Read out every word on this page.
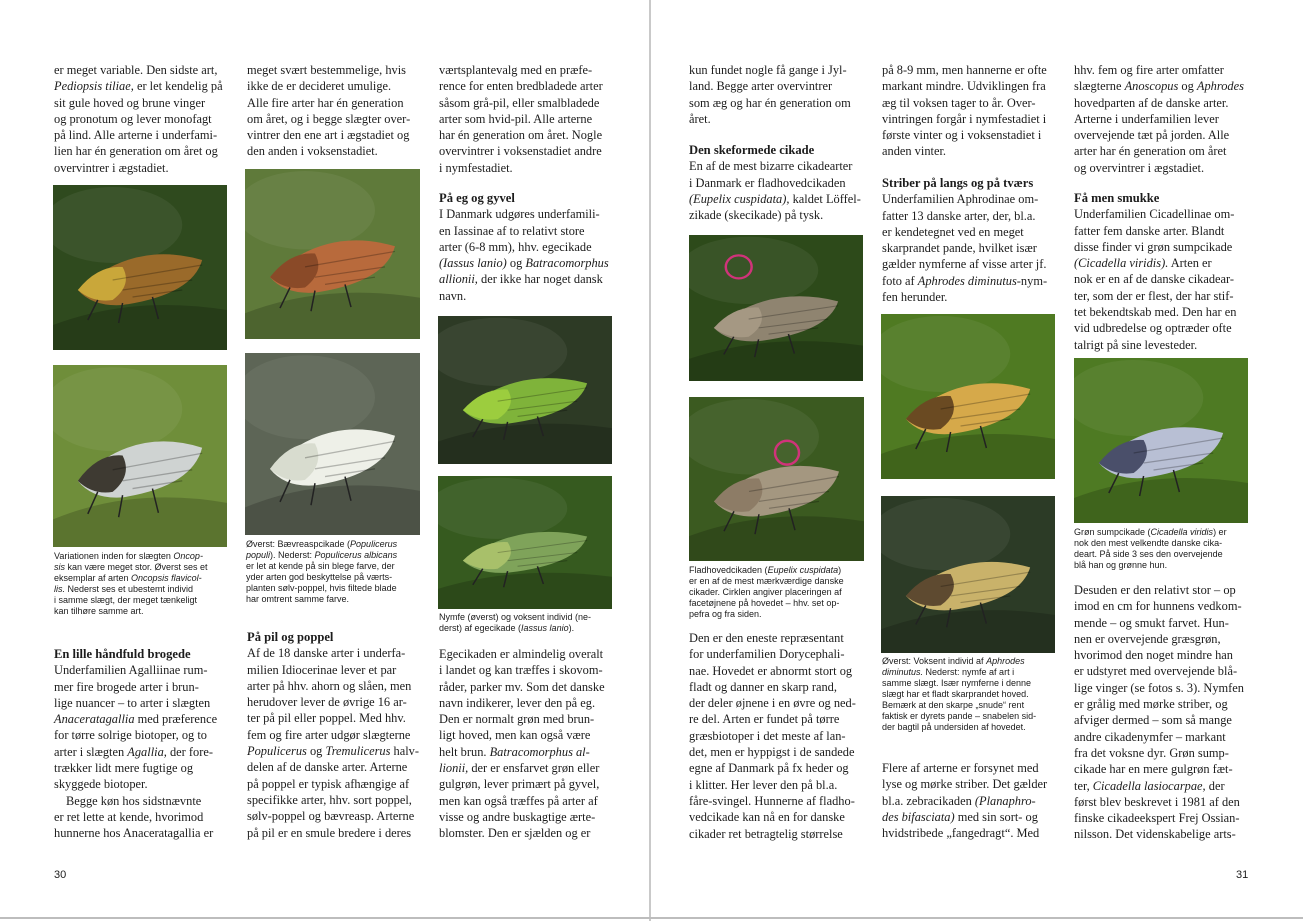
er meget variable. Den sidste art,
Pediopsis tiliae, er let kendelig på
sit gule hoved og brune vinger
og pronotum og lever monofagt
på lind. Alle arterne i underfami-
lien har én generation om året og
overvintrer i ægstadiet.

Variationen inden for slægten Oncop-
sis kan være meget stor. Øverst ses et
eksemplar af arten Oncopsis flavicol-
lis. Nederst ses et ubestemt individ
i samme slægt, der meget tænkeligt
kan tilhøre samme art.

En lille håndfuld brogede

Underfamilien Agalliinae rum-
mer fire brogede arter i brun-
lige nuancer – to arter i slægten
Anaceratagallia med præference
for tørre solrige biotoper, og to
arter i slægten Agallia, der fore-
trækker lidt mere fugtige og
skyggede biotoper.

Begge køn hos sidstnævnte
er ret lette at kende, hvorimod
hunnerne hos Anaceratagallia er

meget svært bestemmelige, hvis
ikke de er decideret umulige.
Alle fire arter har én generation
om året, og i begge slægter over-
vintrer den ene art i ægstadiet og
den anden i voksenstadiet.

Øverst: Bævreaspcikade (Populicerus
populi). Nederst: Populicerus albicans
er let at kende på sin blege farve, der
yder arten god beskyttelse på værts-
planten sølv-poppel, hvis filtede blade
har omtrent samme farve.

På pil og poppel

Af de 18 danske arter i underfa-
milien Idiocerinae lever et par
arter på hhv. ahorn og slåen, men
herudover lever de øvrige 16 ar-
ter på pil eller poppel. Med hhv.
fem og fire arter udgør slægterne
Populicerus og Tremulicerus halv-
delen af de danske arter. Arterne
på poppel er typisk afhængige af
specifikke arter, hhv. sort poppel,
sølv-poppel og bævreasp. Arterne
på pil er en smule bredere i deres

værtsplantevalg med en præfe-
rence for enten bredbladede arter
såsom grå-pil, eller smalbladede
arter som hvid-pil. Alle arterne
har én generation om året. Nogle
overvintrer i voksenstadiet andre
i nymfestadiet.

På eg og gyvel

I Danmark udgøres underfamili-
en Iassinae af to relativt store
arter (6-8 mm), hhv. egecikade
(Iassus lanio) og Batracomorphus
allionii, der ikke har noget dansk
navn.

Nymfe (øverst) og voksent individ (ne-
derst) af egecikade (Iassus lanio).

Egecikaden er almindelig overalt
i landet og kan træffes i skovom-
råder, parker mv. Som det danske
navn indikerer, lever den på eg.
Den er normalt grøn med brun-
ligt hoved, men kan også være
helt brun. Batracomorphus al-
lionii, der er ensfarvet grøn eller
gulgrøn, lever primært på gyvel,
men kan også træffes på arter af
visse og andre buskagtige ærte-
blomster. Den er sjælden og er

30

kun fundet nogle få gange i Jyl-
land. Begge arter overvintrer
som æg og har én generation om
året.

Den skeformede cikade

En af de mest bizarre cikadearter
i Danmark er fladhovedcikaden
(Eupelix cuspidata), kaldet Löffel-
zikade (skecikade) på tysk.

Fladhovedcikaden (Eupelix cuspidata)
er en af de mest mærkværdige danske
cikader. Cirklen angiver placeringen af
facetøjnene på hovedet – hhv. set op-
pefra og fra siden.

Den er den eneste repræsentant
for underfamilien Dorycephali-
nae. Hovedet er abnormt stort og
fladt og danner en skarp rand,
der deler øjnene i en øvre og ned-
re del. Arten er fundet på tørre
græsbiotoper i det meste af lan-
det, men er hyppigst i de sandede
egne af Danmark på fx heder og
i klitter. Her lever den på bl.a.
fåre-svingel. Hunnerne af fladho-
vedcikade kan nå en for danske
cikader ret betragtelig størrelse

på 8-9 mm, men hannerne er ofte
markant mindre. Udviklingen fra
æg til voksen tager to år. Over-
vintringen forgår i nymfestadiet i
første vinter og i voksenstadiet i
anden vinter.

Striber på langs og på tværs

Underfamilien Aphrodinae om-
fatter 13 danske arter, der, bl.a.
er kendetegnet ved en meget
skarprandet pande, hvilket især
gælder nymferne af visse arter jf.
foto af Aphrodes diminutus-nym-
fen herunder.

Øverst: Voksent individ af Aphrodes
diminutus. Nederst: nymfe af art i
samme slægt. Især nymferne i denne
slægt har et fladt skarprandet hoved.
Bemærk at den skarpe „snude“ rent
faktisk er dyrets pande – snabelen sid-
der bagtil på undersiden af hovedet.

Flere af arterne er forsynet med
lyse og mørke striber. Det gælder
bl.a. zebracikaden (Planaphro-
des bifasciata) med sin sort- og
hvidstribede „fangedragt“. Med

hhv. fem og fire arter omfatter
slægterne Anoscopus og Aphrodes
hovedparten af de danske arter.
Arterne i underfamilien lever
overvejende tæt på jorden. Alle
arter har én generation om året
og overvintrer i ægstadiet.

Få men smukke

Underfamilien Cicadellinae om-
fatter fem danske arter. Blandt
disse finder vi grøn sumpcikade
(Cicadella viridis). Arten er
nok er en af de danske cikadear-
ter, som der er flest, der har stif-
tet bekendtskab med. Den har en
vid udbredelse og optræder ofte
talrigt på sine levesteder.

Grøn sumpcikade (Cicadella viridis) er
nok den mest velkendte danske cika-
deart. På side 3 ses den overvejende
blå han og grønne hun.

Desuden er den relativt stor – op
imod en cm for hunnens vedkom-
mende – og smukt farvet. Hun-
nen er overvejende græsgrøn,
hvorimod den noget mindre han
er udstyret med overvejende blå-
lige vinger (se fotos s. 3). Nymfen
er grålig med mørke striber, og
afviger dermed – som så mange
andre cikadenymfer – markant
fra det voksne dyr. Grøn sump-
cikade har en mere gulgrøn fæt-
ter, Cicadella lasiocarpae, der
først blev beskrevet i 1981 af den
finske cikadeekspert Frej Ossian-
nilsson. Det videnskabelige arts-

31
